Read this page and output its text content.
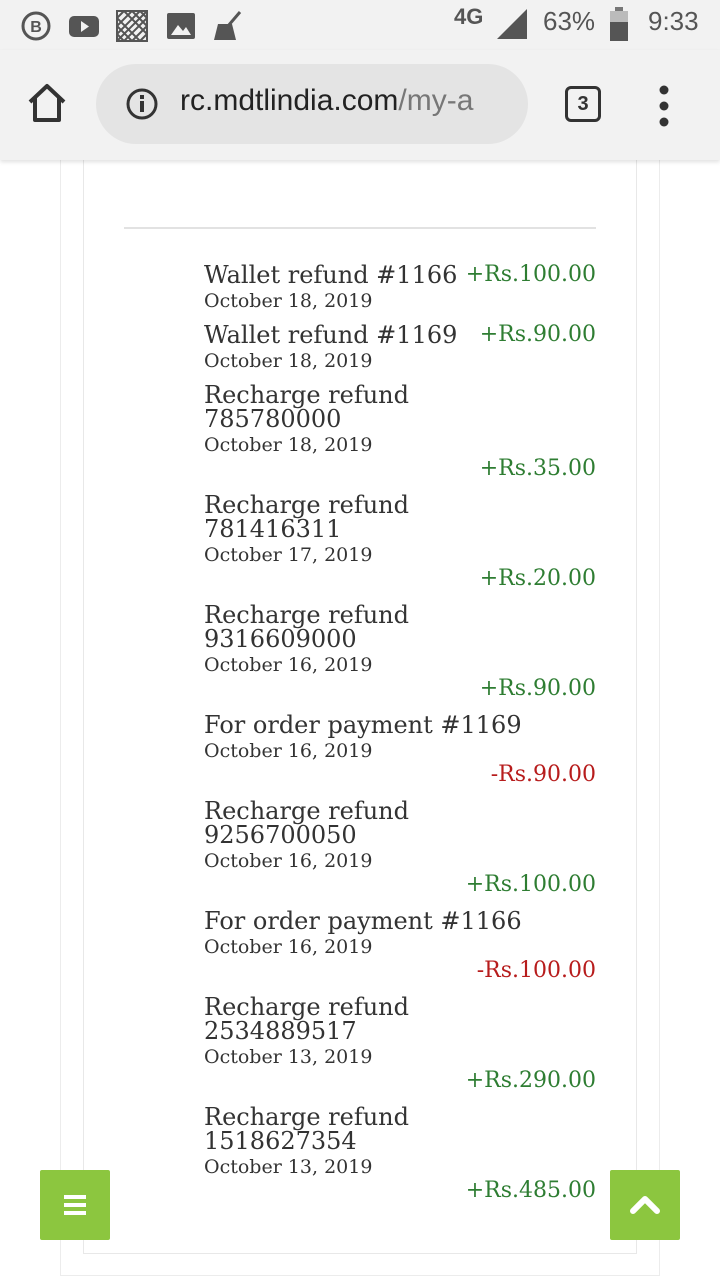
B	4G 63% 9:33
rc.mdtlindia.com/my-a	3
Wallet refund #1166
October 18, 2019
+Rs.100.00
Wallet refund #1169
October 18, 2019
+Rs.90.00
Recharge refund
785780000
October 18, 2019
+Rs.35.00
Recharge refund
781416311
October 17, 2019
+Rs.20.00
Recharge refund
9316609000
October 16, 2019
+Rs.90.00
For order payment #1169
October 16, 2019
-Rs.90.00
Recharge refund
9256700050
October 16, 2019
+Rs.100.00
For order payment #1166
October 16, 2019
-Rs.100.00
Recharge refund
2534889517
October 13, 2019
+Rs.290.00
Recharge refund
1518627354
October 13, 2019
+Rs.485.00
